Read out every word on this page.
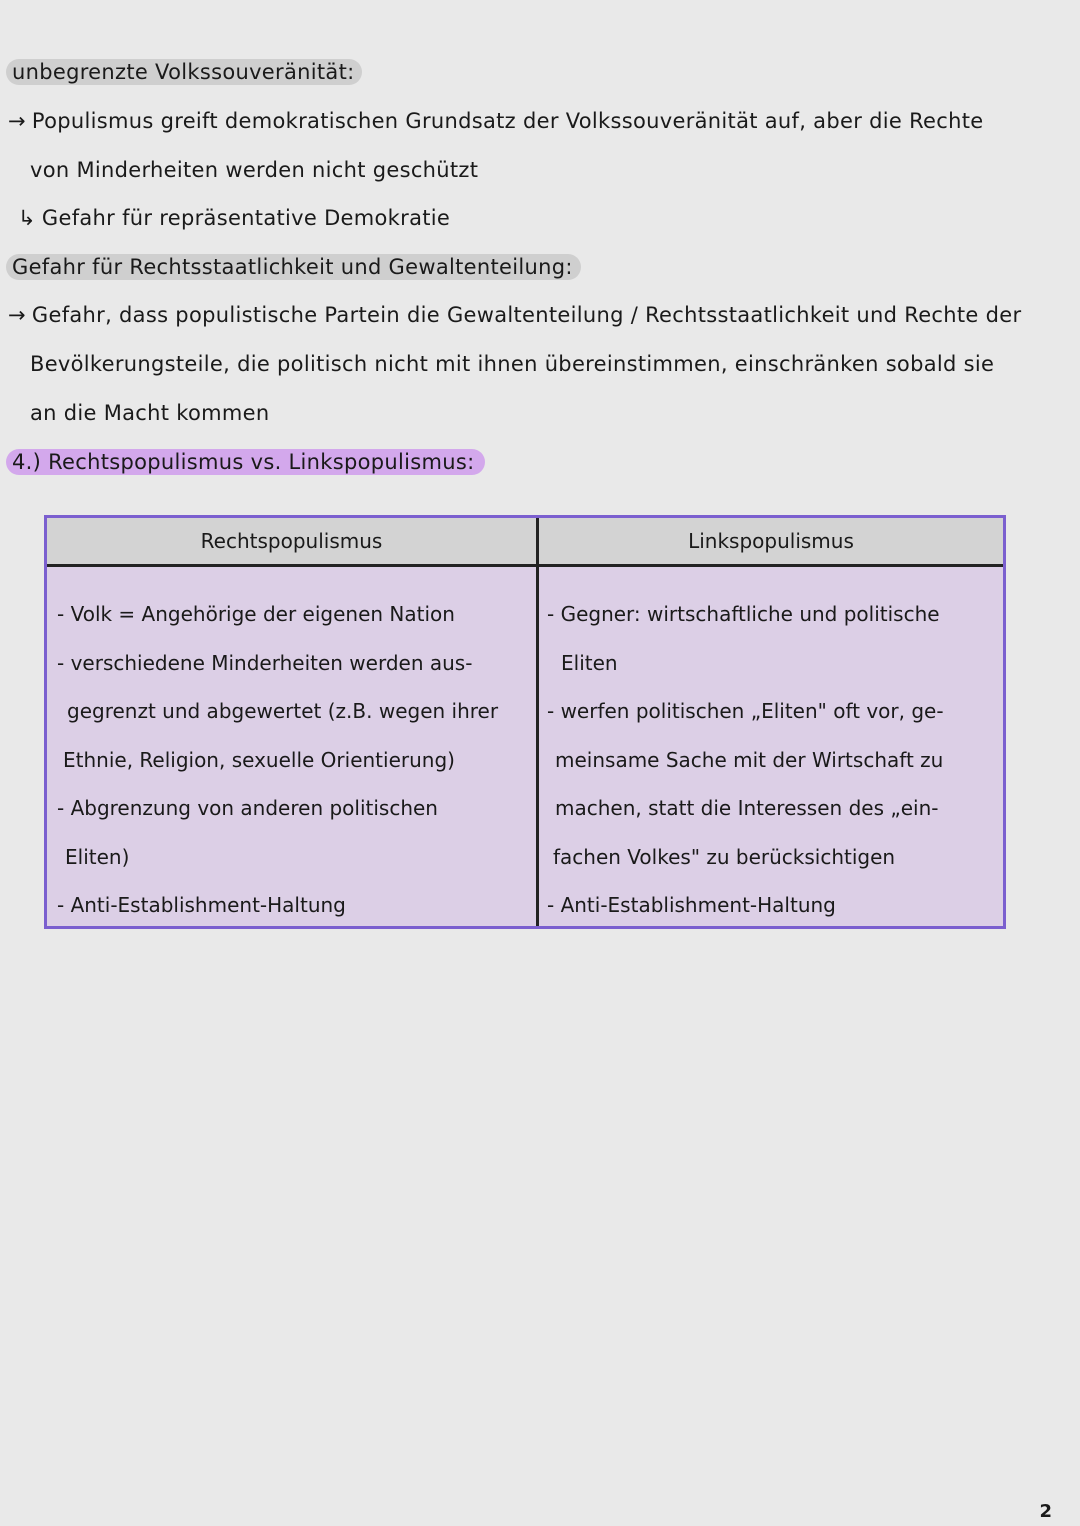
unbegrenzte Volkssouveränität:
→ Populismus greift demokratischen Grundsatz der Volkssouveränität auf, aber die Rechte
von Minderheiten werden nicht geschützt
↳ Gefahr für repräsentative Demokratie
Gefahr für Rechtsstaatlichkeit und Gewaltenteilung:
→ Gefahr, dass populistische Partein die Gewaltenteilung / Rechtsstaatlichkeit und Rechte der
Bevölkerungsteile, die politisch nicht mit ihnen übereinstimmen, einschränken sobald sie
an die Macht kommen
4.) Rechtspopulismus vs. Linkspopulismus:
Rechtspopulismus	Linkspopulismus
- Volk = Angehörige der eigenen Nation
- verschiedene Minderheiten werden aus-
gegrenzt und abgewertet (z.B. wegen ihrer
Ethnie, Religion, sexuelle Orientierung)
- Abgrenzung von anderen politischen
Eliten)
- Anti-Establishment-Haltung
- Gegner: wirtschaftliche und politische
Eliten
- werfen politischen „Eliten" oft vor, ge-
meinsame Sache mit der Wirtschaft zu
machen, statt die Interessen des „ein-
fachen Volkes" zu berücksichtigen
- Anti-Establishment-Haltung
2
